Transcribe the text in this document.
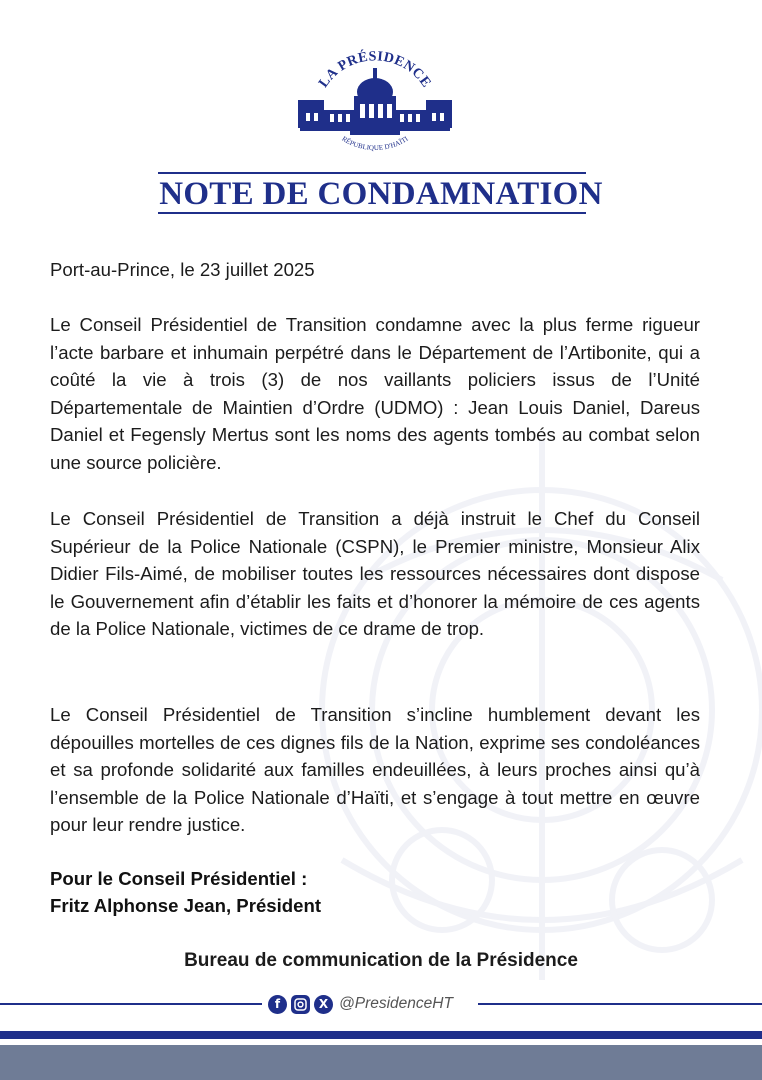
LA PRÉSIDENCE
RÉPUBLIQUE D'HAÏTI
NOTE DE CONDAMNATION
Port-au-Prince, le 23 juillet 2025
Le Conseil Présidentiel de Transition condamne avec la plus ferme rigueur l’acte barbare et inhumain perpétré dans le Département de l’Artibonite, qui a coûté la vie à trois (3) de nos vaillants policiers issus de l’Unité Départementale de Maintien d’Ordre (UDMO) : Jean Louis Daniel, Dareus Daniel et Fegensly Mertus sont les noms des agents tombés au combat selon une source policière.
Le Conseil Présidentiel de Transition a déjà instruit le Chef du Conseil Supérieur de la Police Nationale (CSPN), le Premier ministre, Monsieur Alix Didier Fils-Aimé, de mobiliser toutes les ressources nécessaires dont dispose le Gouvernement afin d’établir les faits et d’honorer la mémoire de ces agents de la Police Nationale, victimes de ce drame de trop.
Le Conseil Présidentiel de Transition s’incline humblement devant les dépouilles mortelles de ces dignes fils de la Nation, exprime ses condoléances et sa profonde solidarité aux familles endeuillées, à leurs proches ainsi qu’à l’ensemble de la Police Nationale d’Haïti, et s’engage à tout mettre en œuvre pour leur rendre justice.
Pour le Conseil Présidentiel :
Fritz Alphonse Jean, Président
Bureau de communication de la Présidence
f	X @PresidenceHT
